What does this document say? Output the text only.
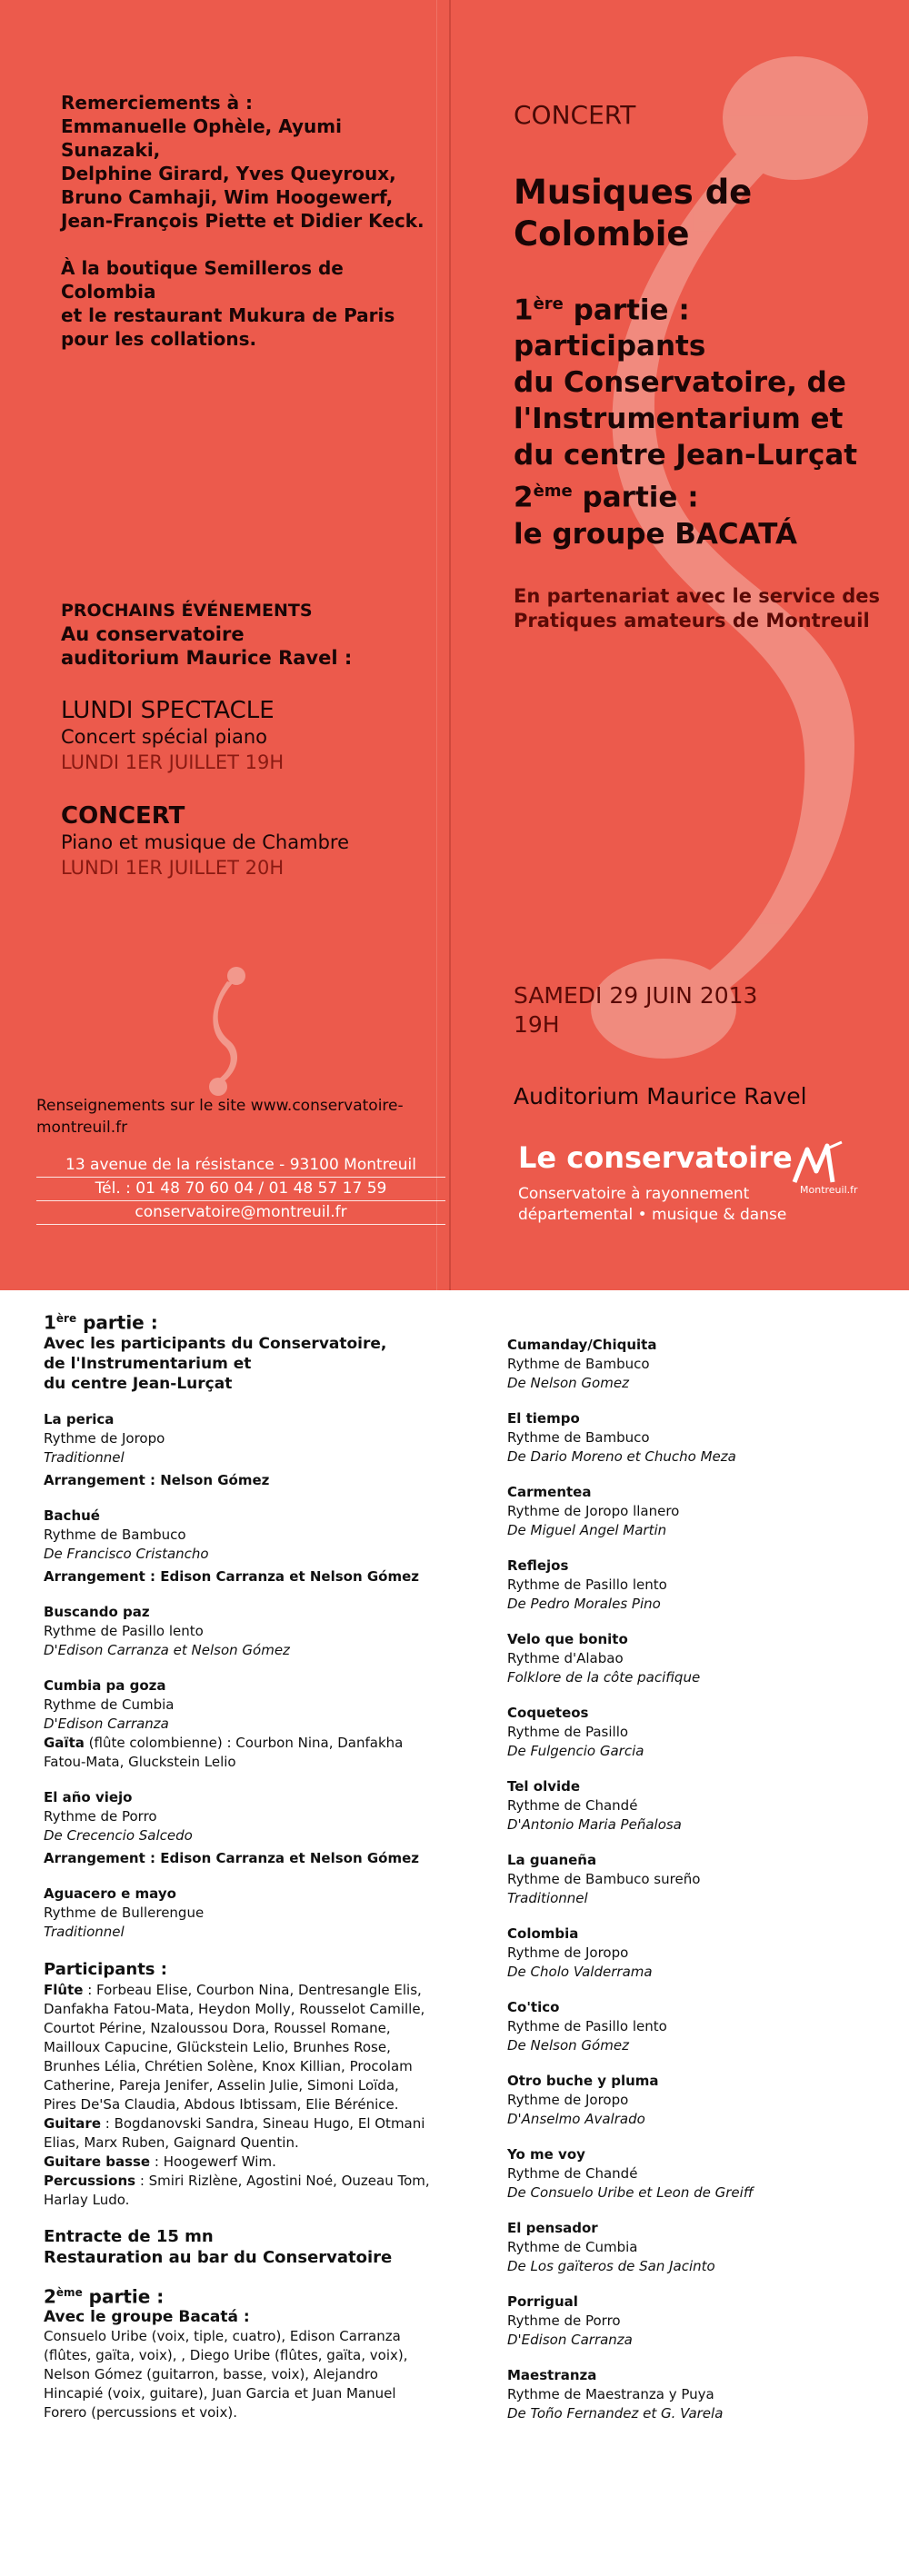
Remerciements à :
Emmanuelle Ophèle, Ayumi Sunazaki,
Delphine Girard, Yves Queyroux,
Bruno Camhaji, Wim Hoogewerf,
Jean-François Piette et Didier Keck.

À la boutique Semilleros de Colombia
et le restaurant Mukura de Paris
pour les collations.

PROCHAINS ÉVÉNEMENTS
Au conservatoire
auditorium Maurice Ravel :
LUNDI SPECTACLE
Concert spécial piano
LUNDI 1ER JUILLET 19H
CONCERT
Piano et musique de Chambre
LUNDI 1ER JUILLET 20H
Renseignements sur le site www.conservatoire-montreuil.fr
13 avenue de la résistance - 93100 Montreuil
Tél. : 01 48 70 60 04 / 01 48 57 17 59
conservatoire@montreuil.fr
CONCERT
Musiques de
Colombie
1ère partie :
participants
du Conservatoire, de
l'Instrumentarium et
du centre Jean-Lurçat
2ème partie :
le groupe BACATÁ
En partenariat avec le service des Pratiques amateurs de Montreuil
SAMEDI 29 JUIN 2013
19H
Auditorium Maurice Ravel
Le conservatoire
Montreuil.fr
Conservatoire à rayonnement
départemental • musique & danse
1ère partie :
Avec les participants du Conservatoire,
de l'Instrumentarium et
du centre Jean-Lurçat
La perica
Rythme de Joropo
Traditionnel
Arrangement : Nelson Gómez
Bachué
Rythme de Bambuco
De Francisco Cristancho
Arrangement : Edison Carranza et Nelson Gómez
Buscando paz
Rythme de Pasillo lento
D'Edison Carranza et Nelson Gómez
Cumbia pa goza
Rythme de Cumbia
D'Edison Carranza
Gaïta (flûte colombienne) : Courbon Nina, Danfakha Fatou-Mata, Gluckstein Lelio
El año viejo
Rythme de Porro
De Crecencio Salcedo
Arrangement : Edison Carranza et Nelson Gómez
Aguacero e mayo
Rythme de Bullerengue
Traditionnel
Participants :

Flûte : Forbeau Elise, Courbon Nina, Dentresangle Elis, Danfakha Fatou-Mata, Heydon Molly, Rousselot Camille, Courtot Périne, Nzaloussou Dora, Roussel Romane, Mailloux Capucine, Glückstein Lelio, Brunhes Rose, Brunhes Lélia, Chrétien Solène, Knox Killian, Procolam Catherine, Pareja Jenifer, Asselin Julie, Simoni Loïda, Pires De'Sa Claudia, Abdous Ibtissam, Elie Bérénice.

Guitare : Bogdanovski Sandra, Sineau Hugo, El Otmani Elias, Marx Ruben, Gaignard Quentin.

Guitare basse : Hoogewerf Wim.

Percussions : Smiri Rizlène, Agostini Noé, Ouzeau Tom, Harlay Ludo.

Entracte de 15 mn
Restauration au bar du Conservatoire
2ème partie :
Avec le groupe Bacatá :
Consuelo Uribe (voix, tiple, cuatro), Edison Carranza (flûtes, gaïta, voix), , Diego Uribe (flûtes, gaïta, voix), Nelson Gómez (guitarron, basse, voix), Alejandro Hincapié (voix, guitare), Juan Garcia et Juan Manuel Forero (percussions et voix).
Cumanday/Chiquita
Rythme de Bambuco
De Nelson Gomez
El tiempo
Rythme de Bambuco
De Dario Moreno et Chucho Meza
Carmentea
Rythme de Joropo llanero
De Miguel Angel Martin
Reflejos
Rythme de Pasillo lento
De Pedro Morales Pino
Velo que bonito
Rythme d'Alabao
Folklore de la côte pacifique
Coqueteos
Rythme de Pasillo
De Fulgencio Garcia
Tel olvide
Rythme de Chandé
D'Antonio Maria Peñalosa
La guaneña
Rythme de Bambuco sureño
Traditionnel
Colombia
Rythme de Joropo
De Cholo Valderrama
Co'tico
Rythme de Pasillo lento
De Nelson Gómez
Otro buche y pluma
Rythme de Joropo
D'Anselmo Avalrado
Yo me voy
Rythme de Chandé
De Consuelo Uribe et Leon de Greiff
El pensador
Rythme de Cumbia
De Los gaïteros de San Jacinto
Porrigual
Rythme de Porro
D'Edison Carranza
Maestranza
Rythme de Maestranza y Puya
De Toño Fernandez et G. Varela
